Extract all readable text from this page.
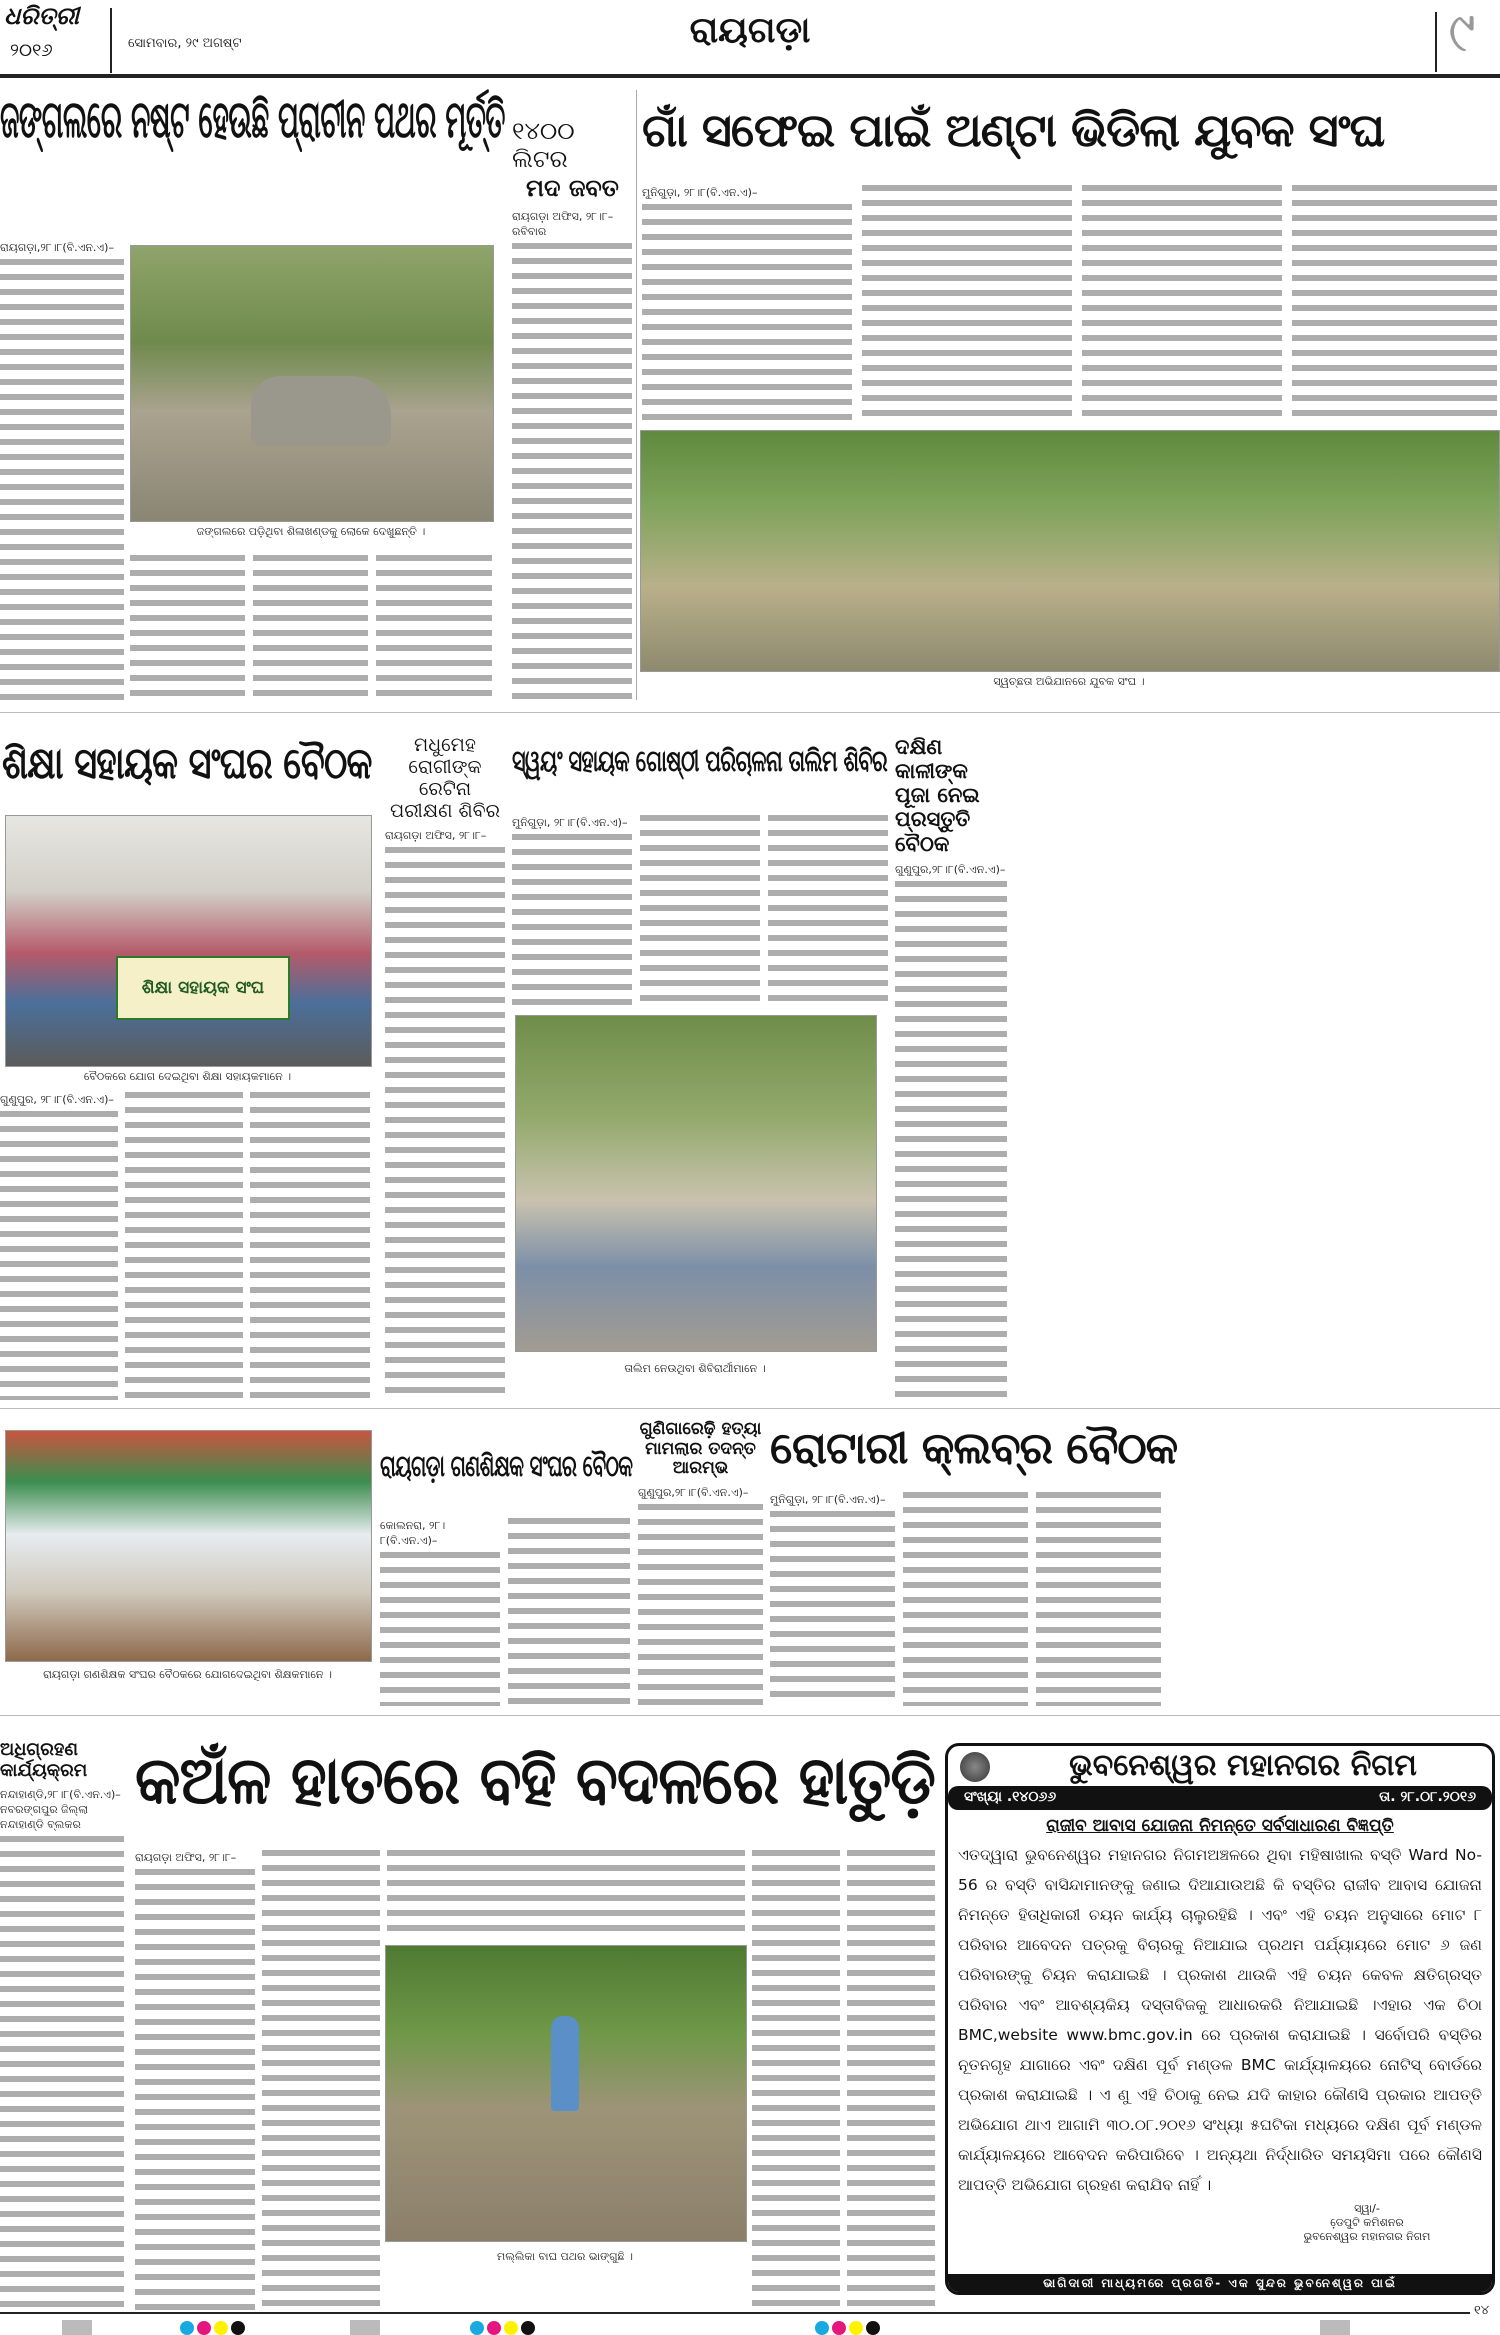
ଧରିତ୍ରୀ
୨୦୧୬	ସୋମବାର, ୨୯ ଅଗଷ୍ଟ	ରାୟଗଡ଼ା	୯
ଜଙ୍ଗଲରେ ନଷ୍ଟ ହେଉଛି ପ୍ରାଚୀନ ପଥର ମୂର୍ତ୍ତି
ରାୟଗଡ଼ା,୨୮।୮(ବି.ଏନ.ଏ)–
ଜଙ୍ଗଲରେ ପଡ଼ିଥିବା ଶିଳାଖଣ୍ଡକୁ ଲୋକେ ଦେଖୁଛନ୍ତି ।
୧୪୦୦ ଲିଟର
ମଦ ଜବତ
ରାୟଗଡ଼ା ଅଫିସ, ୨୮।୮–ରବିବାର
ଗାଁ ସଫେଇ ପାଇଁ ଅଣ୍ଟା ଭିଡିଲା ଯୁବକ ସଂଘ
ମୁନିଗୁଡ଼ା, ୨୮।୮(ବି.ଏନ.ଏ)–
ସ୍ୱଚ୍ଛତା ଅଭିଯାନରେ ଯୁବକ ସଂଘ ।
ଶିକ୍ଷା ସହାୟକ ସଂଘର ବୈଠକ
ଶିକ୍ଷା ସହାୟକ ସଂଘ
ବୈଠକରେ ଯୋଗ ଦେଇଥିବା ଶିକ୍ଷା ସହାୟକମାନେ ।
ଗୁଣୁପୁର, ୨୮।୮(ବି.ଏନ.ଏ)–
ମଧୁମେହ ରୋଗୀଙ୍କ ରେଟିନା ପରୀକ୍ଷଣ ଶିବିର
ରାୟଗଡ଼ା ଅଫିସ, ୨୮।୮–
ସ୍ୱୟଂ ସହାୟକ ଗୋଷ୍ଠୀ ପରିଚାଳନା ତାଲିମ ଶିବିର
ମୁନିଗୁଡ଼ା, ୨୮।୮(ବି.ଏନ.ଏ)–
ତାଲିମ ନେଉଥିବା ଶିବିରାର୍ଥୀମାନେ ।
ଦକ୍ଷିଣ କାଳୀଙ୍କ ପୂଜା ନେଇ ପ୍ରସ୍ତୁତି ବୈଠକ
ଗୁଣୁପୁର,୨୮।୮(ବି.ଏନ.ଏ)–
ରାୟଗଡ଼ା ଗଣଶିକ୍ଷକ ସଂଘର ବୈଠକରେ ଯୋଗଦେଇଥିବା ଶିକ୍ଷକମାନେ ।
ରାୟଗଡ଼ା ଗଣଶିକ୍ଷକ ସଂଘର ବୈଠକ
କୋଲନରା, ୨୮।୮(ବି.ଏନ.ଏ)–
ଗୁଣିଗାରେଢ଼ି ହତ୍ୟା ମାମଲାର ତଦନ୍ତ ଆରମ୍ଭ
ଗୁଣୁପୁର,୨୮।୮(ବି.ଏନ.ଏ)–
ରୋଟାରୀ କ୍ଲବ୍‌ର ବୈଠକ
ମୁନିଗୁଡ଼ା, ୨୮।୮(ବି.ଏନ.ଏ)–
ଅଧିଗ୍ରହଣ କାର୍ଯ୍ୟକ୍ରମ
ନନ୍ଦାହାଣ୍ଡି,୨୮।୮(ବି.ଏନ.ଏ)– ନବରଙ୍ଗପୁର ଜିଲ୍ଲା ନନ୍ଦାହାଣ୍ଡି ବ୍ଲକର
କଅଁଳ ହାତରେ ବହି ବଦଳରେ ହାତୁଡ଼ି
ରାୟଗଡ଼ା ଅଫିସ, ୨୮।୮–
ମଲ୍ଲିକା ବାଘ ପଥର ଭାଙ୍ଗୁଛି ।
ଭୁବନେଶ୍ୱର ମହାନଗର ନିଗମ
ସଂଖ୍ୟା .୧୪୦୬୬	ତା. ୨୮.୦୮.୨୦୧୬
ରାଜୀବ ଆବାସ ଯୋଜନା ନିମନ୍ତେ ସର୍ବସାଧାରଣ ବିଜ୍ଞପ୍ତି
ଏତଦ୍ୱାରା ଭୁବନେଶ୍ୱର ମହାନଗର ନିଗମଅଞ୍ଚଳରେ ଥିବା ମହିଷାଖାଲ ବସ୍ତି Ward No-56 ର ବସ୍ତି ବାସିନ୍ଦାମାନଙ୍କୁ ଜଣାଇ ଦିଆଯାଉଅଛି କି ବସ୍ତିର ରାଜୀବ ଆବାସ ଯୋଜନା ନିମନ୍ତେ ହିତାଧିକାରୀ ଚୟନ କାର୍ଯ୍ୟ ଚାଲୁରହିଛି । ଏବଂ ଏହି ଚୟନ ଅନୁସାରେ ମୋଟ ୮ ପରିବାର ଆବେଦନ ପତ୍ରକୁ ବିଚାରକୁ ନିଆଯାଇ ପ୍ରଥମ ପର୍ଯ୍ୟାୟରେ ମୋଟ ୬ ଜଣ ପରିବାରଙ୍କୁ ଚିୟନ କରାଯାଇଛି । ପ୍ରକାଶ ଥାଉକି ଏହି ଚୟନ କେବଳ କ୍ଷତିଗ୍ରସ୍ତ ପରିବାର ଏବଂ ଆବଶ୍ୟକିୟ ଦସ୍ତାବିଜକୁ ଆଧାରକରି ନିଆଯାଇଛି ।ଏହାର ଏକ ଚିଠା BMC,website www.bmc.gov.in ରେ ପ୍ରକାଶ କରାଯାଇଛି । ସର୍ବୋପରି ବସ୍ତିର ନୂତନଗୃହ ଯାଗାରେ ଏବଂ ଦକ୍ଷିଣ ପୂର୍ବ ମଣ୍ଡଳ BMC କାର୍ଯ୍ୟାଳୟରେ ନୋଟିସ୍ ବୋର୍ଡରେ ପ୍ରକାଶ କରାଯାଇଛି । ଏ ଣୁ ଏହି ଚିଠାକୁ ନେଇ ଯଦି କାହାର କୌଣସି ପ୍ରକାର ଆପତ୍ତି ଅଭିଯୋଗ ଥାଏ ଆଗାମି ୩୦.୦୮.୨୦୧୬ ସଂଧ୍ୟା ୫ଘଟିକା ମଧ୍ୟରେ ଦକ୍ଷିଣ ପୂର୍ବ ମଣ୍ଡଳ କାର୍ଯ୍ୟାଳୟରେ ଆବେଦନ କରିପାରିବେ । ଅନ୍ୟଥା ନିର୍ଦ୍ଧାରିତ ସମୟସିମା ପରେ କୌଣସି ଆପତ୍ତି ଅଭିଯୋଗ ଗ୍ରହଣ କରାଯିବ ନାହିଁ ।
ସ୍ୱା/-
ଡେ଼ପୁଟି କମିଶନର
ଭୁବନେଶ୍ୱର ମହାନଗର ନିଗମ
ଭାଗିଦାରୀ ମାଧ୍ୟମରେ ପ୍ରଗତି- ଏକ ସୁନ୍ଦର ଭୁବନେଶ୍ୱର ପାଇଁ
୧୪
